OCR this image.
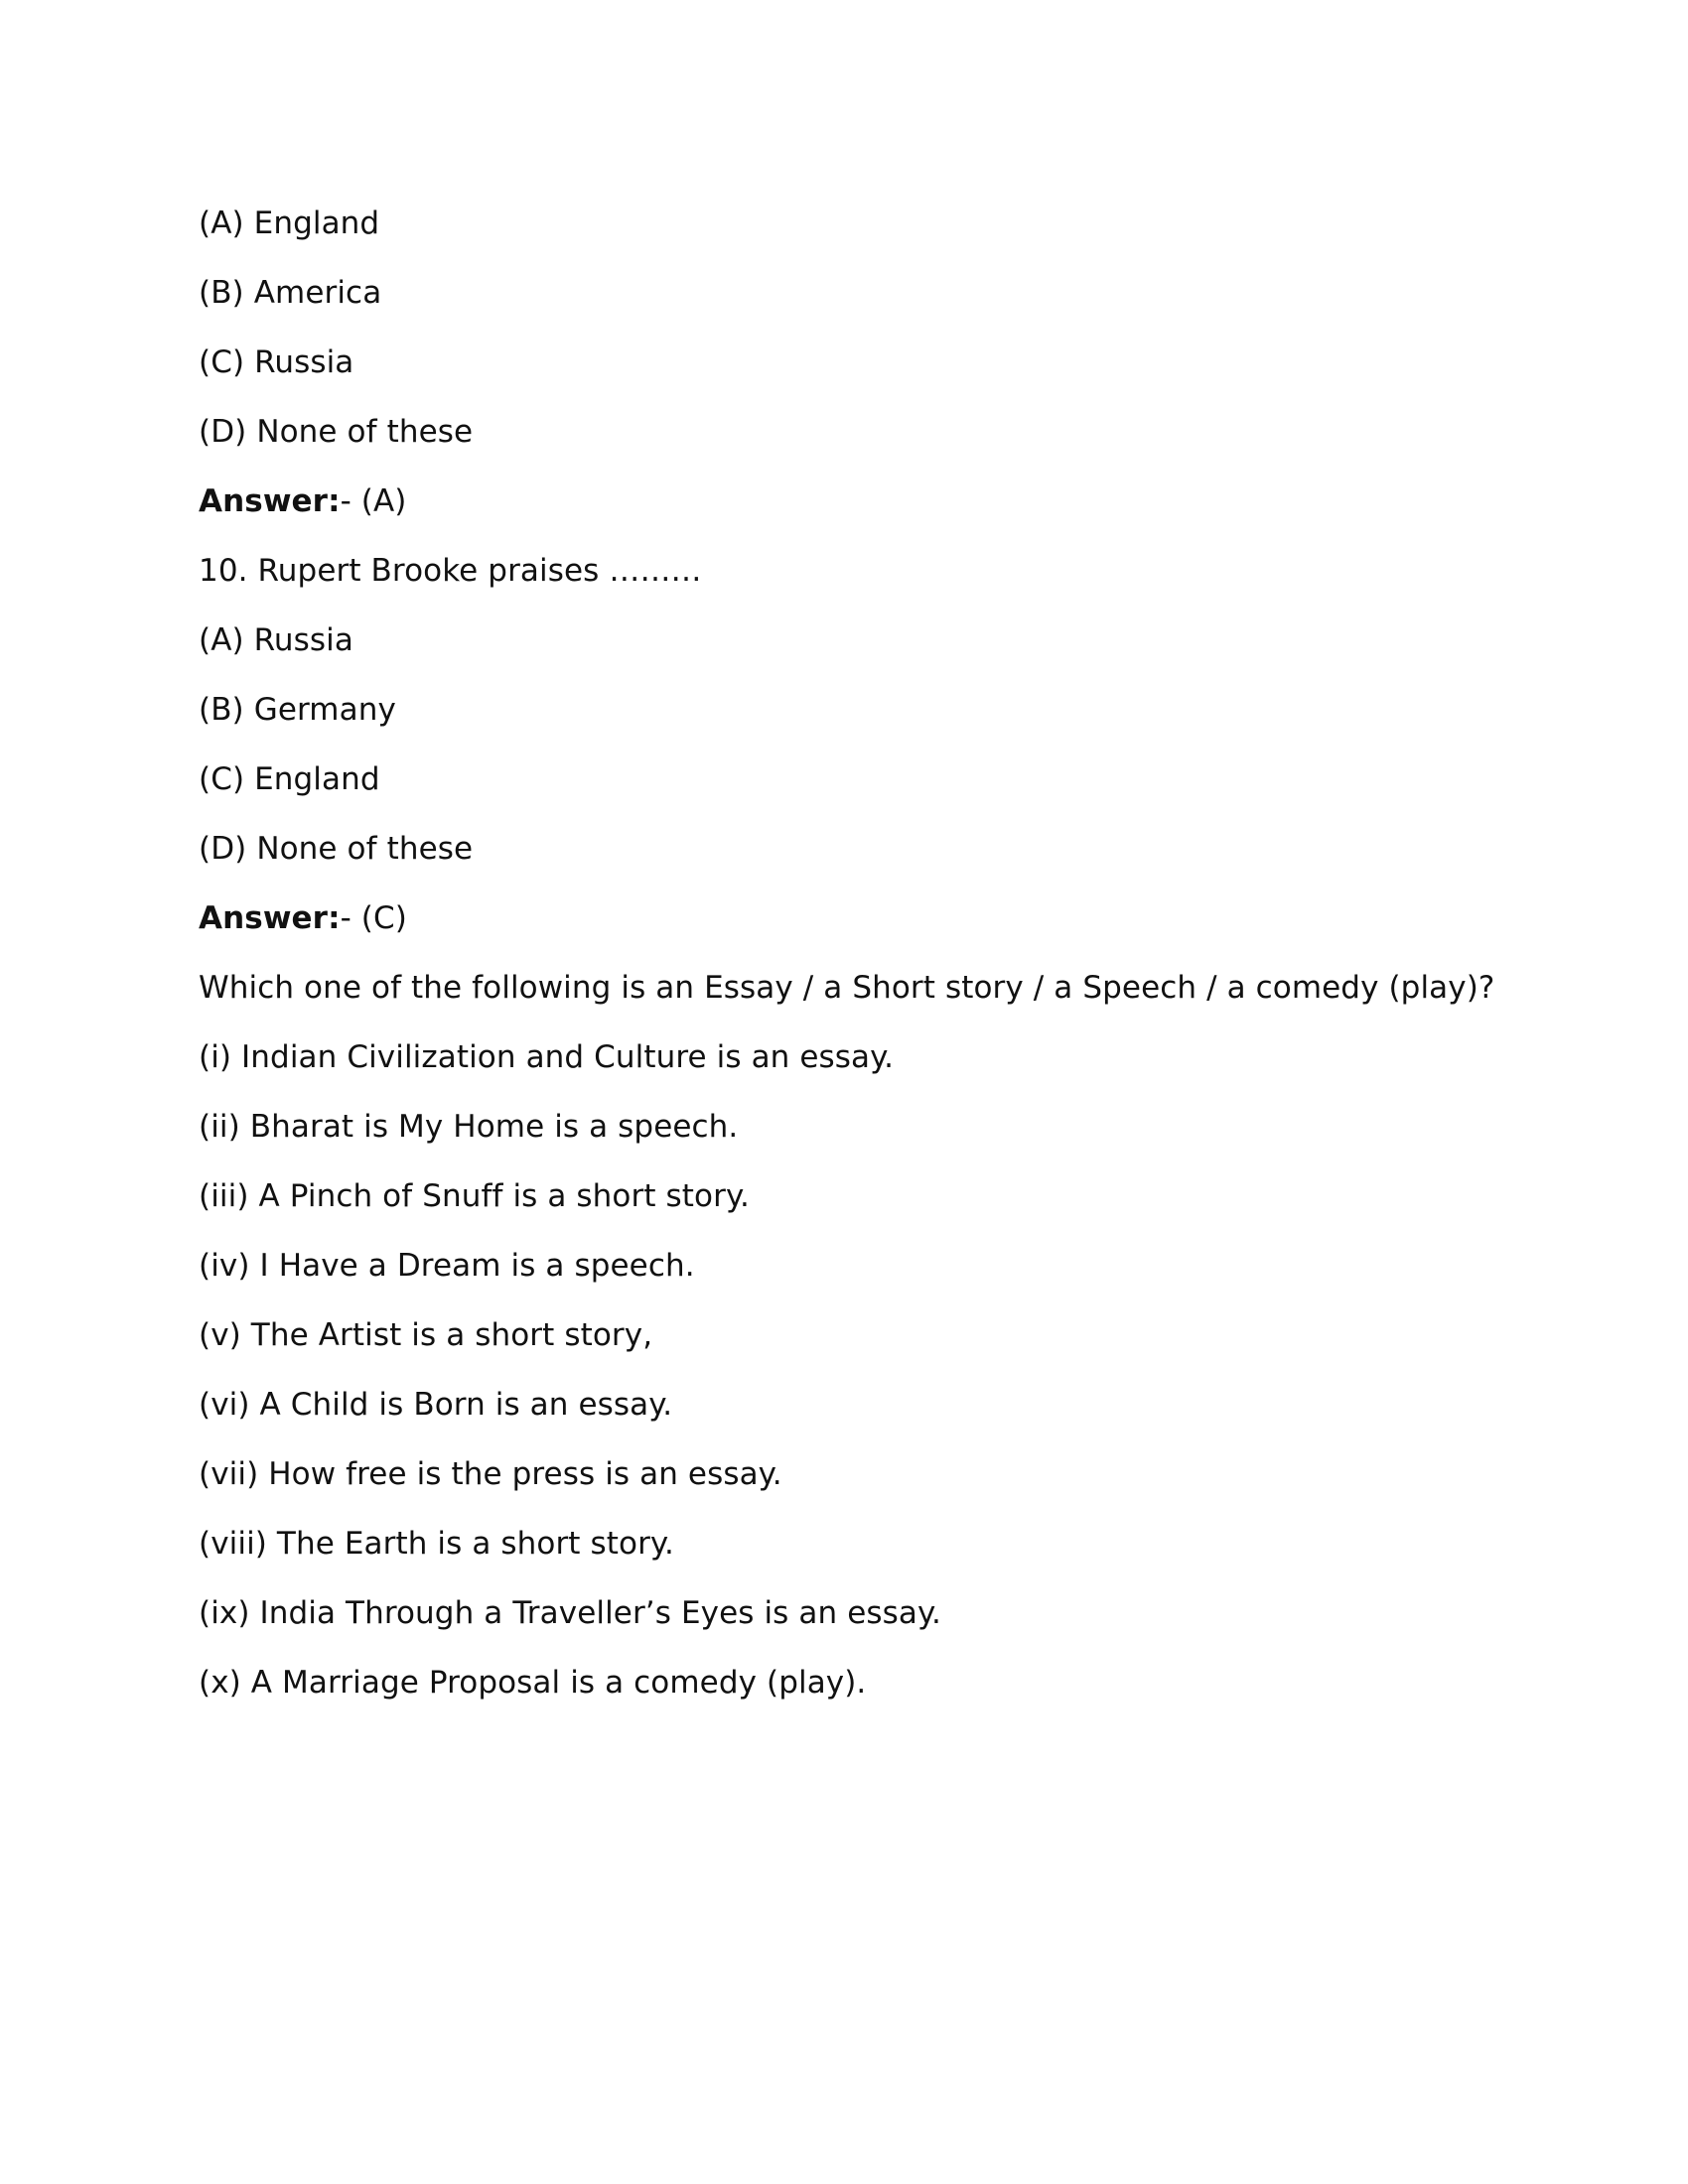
(A) England
(B) America
(C) Russia
(D) None of these
Answer:- (A)
10. Rupert Brooke praises ………
(A) Russia
(B) Germany
(C) England
(D) None of these
Answer:- (C)
Which one of the following is an Essay / a Short story / a Speech / a comedy (play)?
(i) Indian Civilization and Culture is an essay.
(ii) Bharat is My Home is a speech.
(iii) A Pinch of Snuff is a short story.
(iv) I Have a Dream is a speech.
(v) The Artist is a short story,
(vi) A Child is Born is an essay.
(vii) How free is the press is an essay.
(viii) The Earth is a short story.
(ix) India Through a Traveller’s Eyes is an essay.
(x) A Marriage Proposal is a comedy (play).
